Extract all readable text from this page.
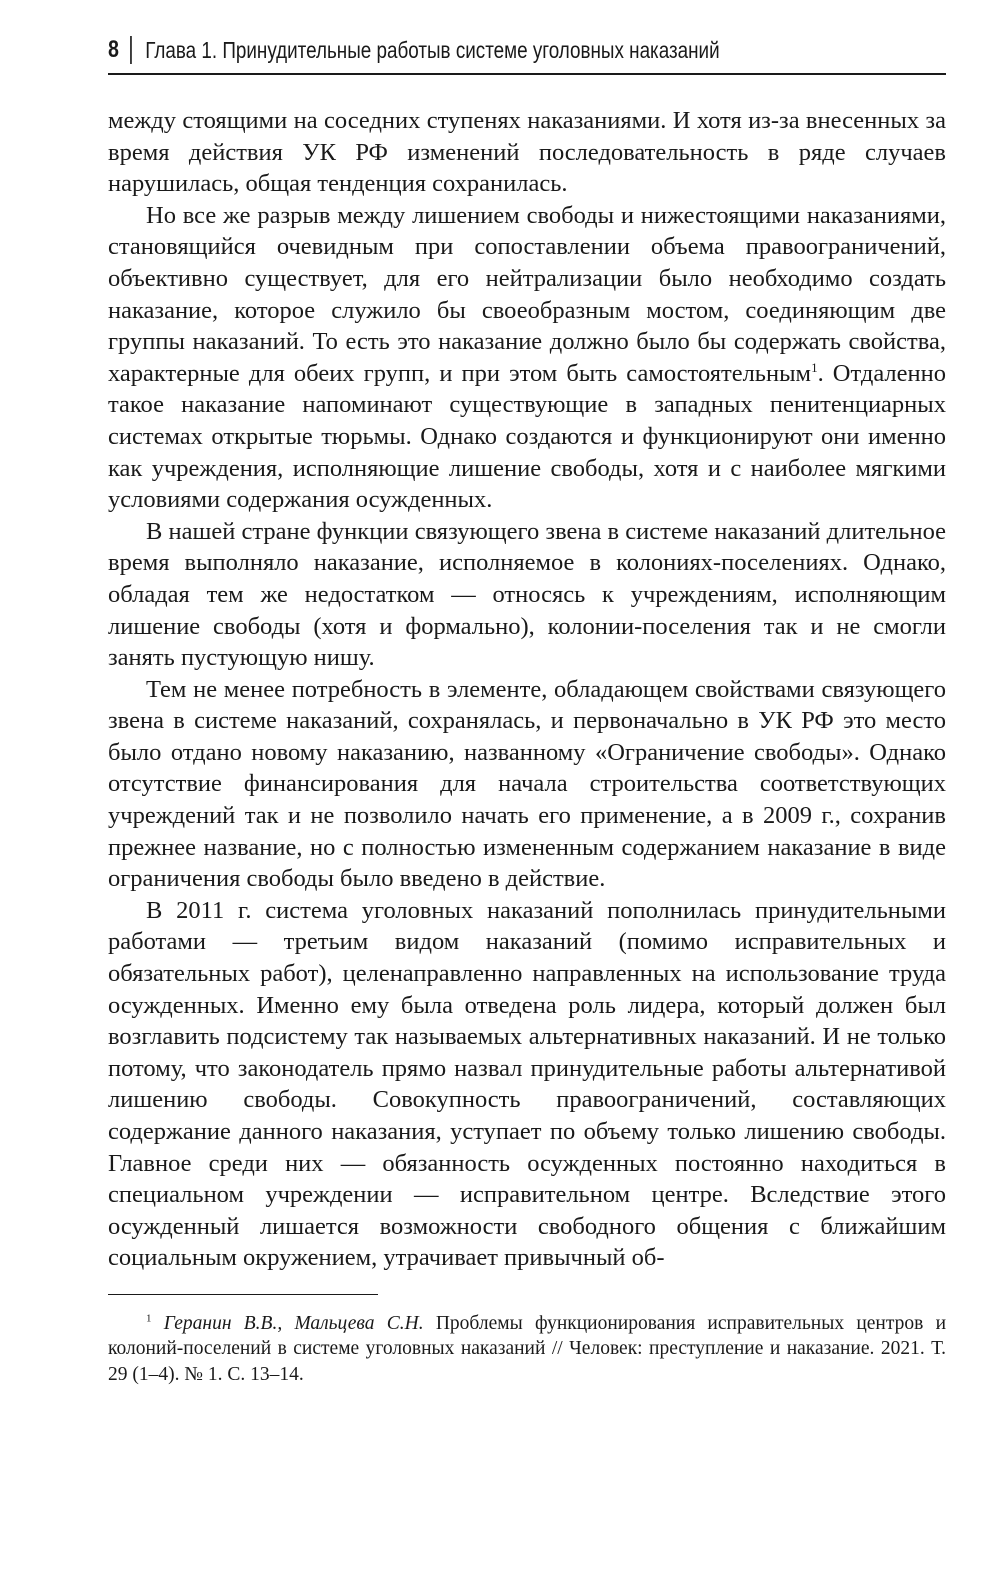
8 Глава 1. Принудительные работыв системе уголовных наказаний

между стоящими на соседних ступенях наказаниями. И хотя из-за внесенных за время действия УК РФ изменений последовательность в ряде случаев нарушилась, общая тенденция сохранилась.

Но все же разрыв между лишением свободы и нижестоящими наказаниями, становящийся очевидным при сопоставлении объема правоограничений, объективно существует, для его нейтрализации было необходимо создать наказание, которое служило бы своеобразным мостом, соединяющим две группы наказаний. То есть это наказание должно было бы содержать свойства, характерные для обеих групп, и при этом быть самостоятельным$^1$. Отдаленно такое наказание напоминают существующие в западных пенитенциарных системах открытые тюрьмы. Однако создаются и функционируют они именно как учреждения, исполняющие лишение свободы, хотя и с наиболее мягкими условиями содержания осужденных.

В нашей стране функции связующего звена в системе наказаний длительное время выполняло наказание, исполняемое в колониях-поселениях. Однако, обладая тем же недостатком — относясь к учреждениям, исполняющим лишение свободы (хотя и формально), колонии-поселения так и не смогли занять пустующую нишу.

Тем не менее потребность в элементе, обладающем свойствами связующего звена в системе наказаний, сохранялась, и первоначально в УК РФ это место было отдано новому наказанию, названному «Ограничение свободы». Однако отсутствие финансирования для начала строительства соответствующих учреждений так и не позволило начать его применение, а в 2009 г., сохранив прежнее название, но с полностью измененным содержанием наказание в виде ограничения свободы было введено в действие.

В 2011 г. система уголовных наказаний пополнилась принудительными работами — третьим видом наказаний (помимо исправительных и обязательных работ), целенаправленно направленных на использование труда осужденных. Именно ему была отведена роль лидера, который должен был возглавить подсистему так называемых альтернативных наказаний. И не только потому, что законодатель прямо назвал принудительные работы альтернативой лишению свободы. Совокупность правоограничений, составляющих содержание данного наказания, уступает по объему только лишению свободы. Главное среди них — обязанность осужденных постоянно находиться в специальном учреждении — исправительном центре. Вследствие этого осужденный лишается возможности свободного общения с ближайшим социальным окружением, утрачивает привычный об-

$^1$ Геранин В.В., Мальцева С.Н. Проблемы функционирования исправительных центров и колоний-поселений в системе уголовных наказаний // Человек: преступление и наказание. 2021. Т. 29 (1–4). № 1. С. 13–14.
